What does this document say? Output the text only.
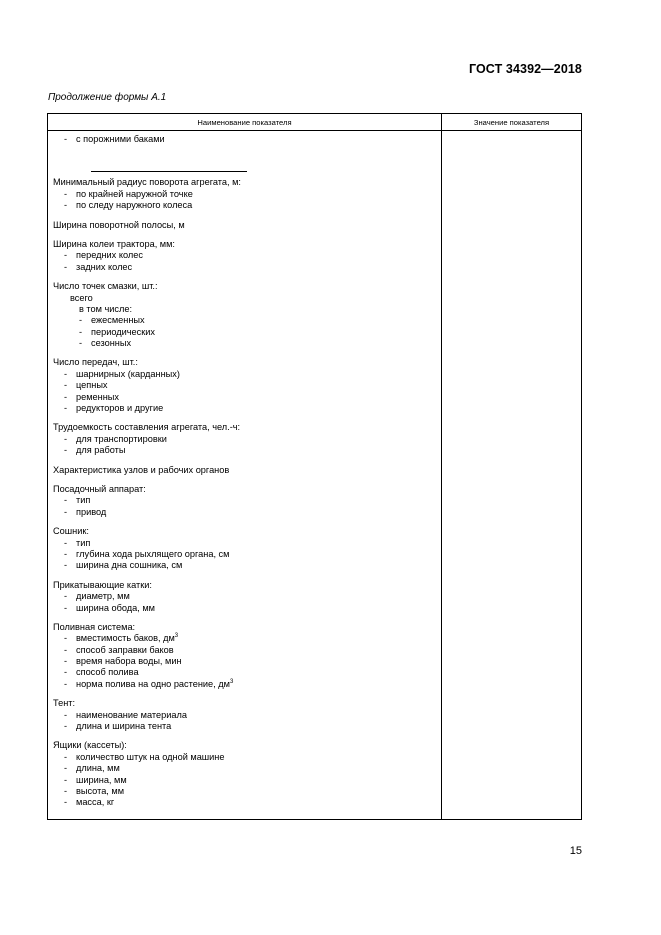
ГОСТ 34392—2018
Продолжение формы А.1
Наименование показателя	Значение показателя
- с порожними баками
Минимальный радиус поворота агрегата, м:
- по крайней наружной точке
- по следу наружного колеса
Ширина поворотной полосы, м
Ширина колеи трактора, мм:
- передних колес
- задних колес
Число точек смазки, шт.:
всего
в том числе:
- ежесменных
- периодических
- сезонных
Число передач, шт.:
- шарнирных (карданных)
- цепных
- ременных
- редукторов и другие
Трудоемкость составления агрегата, чел.-ч:
- для транспортировки
- для работы
Характеристика узлов и рабочих органов
Посадочный аппарат:
- тип
- привод
Сошник:
- тип
- глубина хода рыхлящего органа, см
- ширина дна сошника, см
Прикатывающие катки:
- диаметр, мм
- ширина обода, мм
Поливная система:
- вместимость баков, $дм^3$
- способ заправки баков
- время набора воды, мин
- способ полива
- норма полива на одно растение, $дм^3$
Тент:
- наименование материала
- длина и ширина тента
Ящики (кассеты):
- количество штук на одной машине
- длина, мм
- ширина, мм
- высота, мм
- масса, кг
15
